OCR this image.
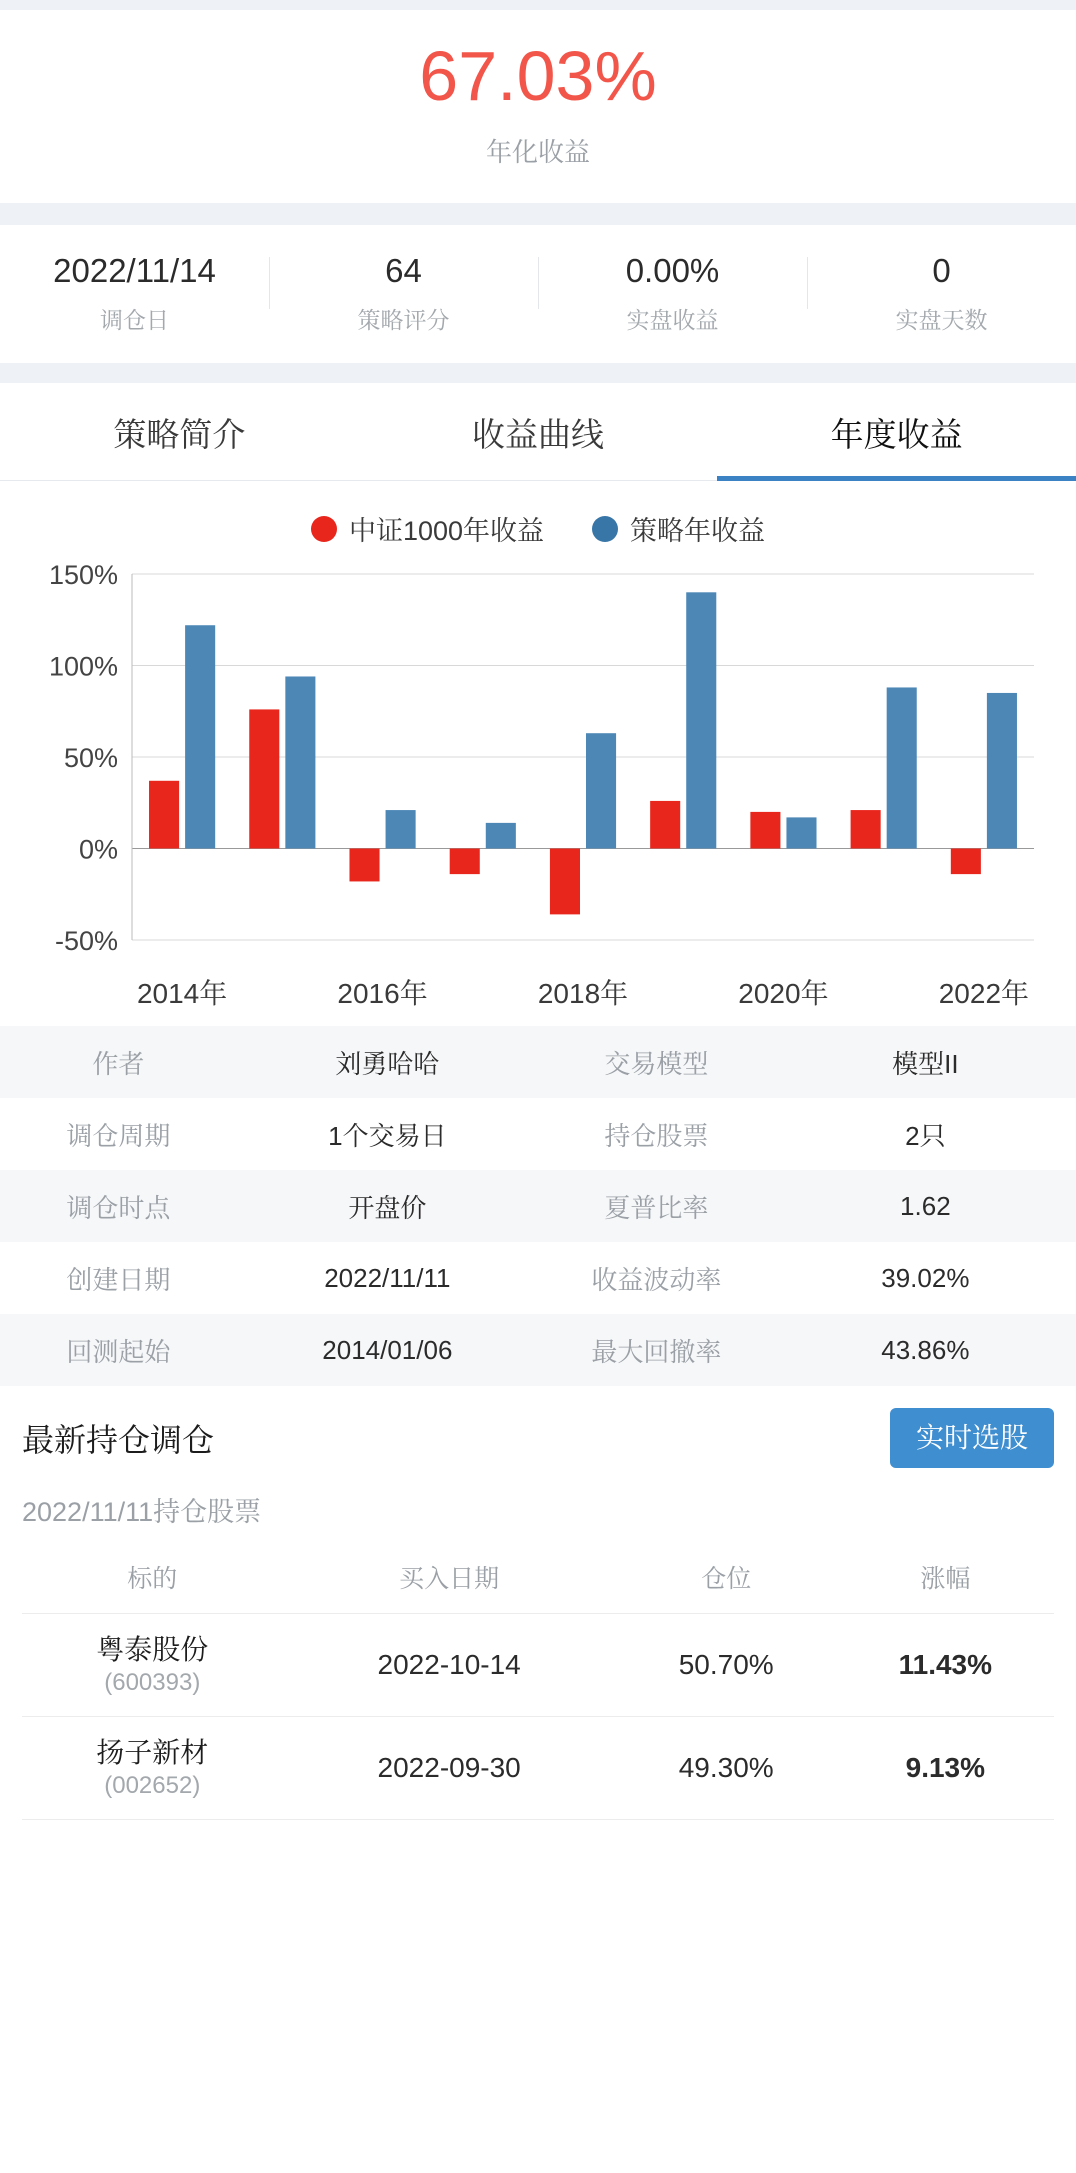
67.03%
年化收益
2022/11/14
调仓日
64
策略评分
0.00%
实盘收益
0
实盘天数
策略简介	收益曲线	年度收益
中证1000年收益	策略年收益
-50%
0%
50%
100%
150%
2014年	2016年	2018年	2020年	2022年
作者	刘勇哈哈	交易模型	模型II
调仓周期	1个交易日	持仓股票	2只
调仓时点	开盘价	夏普比率	1.62
创建日期	2022/11/11	收益波动率	39.02%
回测起始	2014/01/06	最大回撤率	43.86%
最新持仓调仓	实时选股
2022/11/11持仓股票
标的	买入日期	仓位	涨幅

粤泰股份
(600393)	2022-10-14	50.70%	11.43%

扬子新材
(002652)	2022-09-30	49.30%	9.13%
